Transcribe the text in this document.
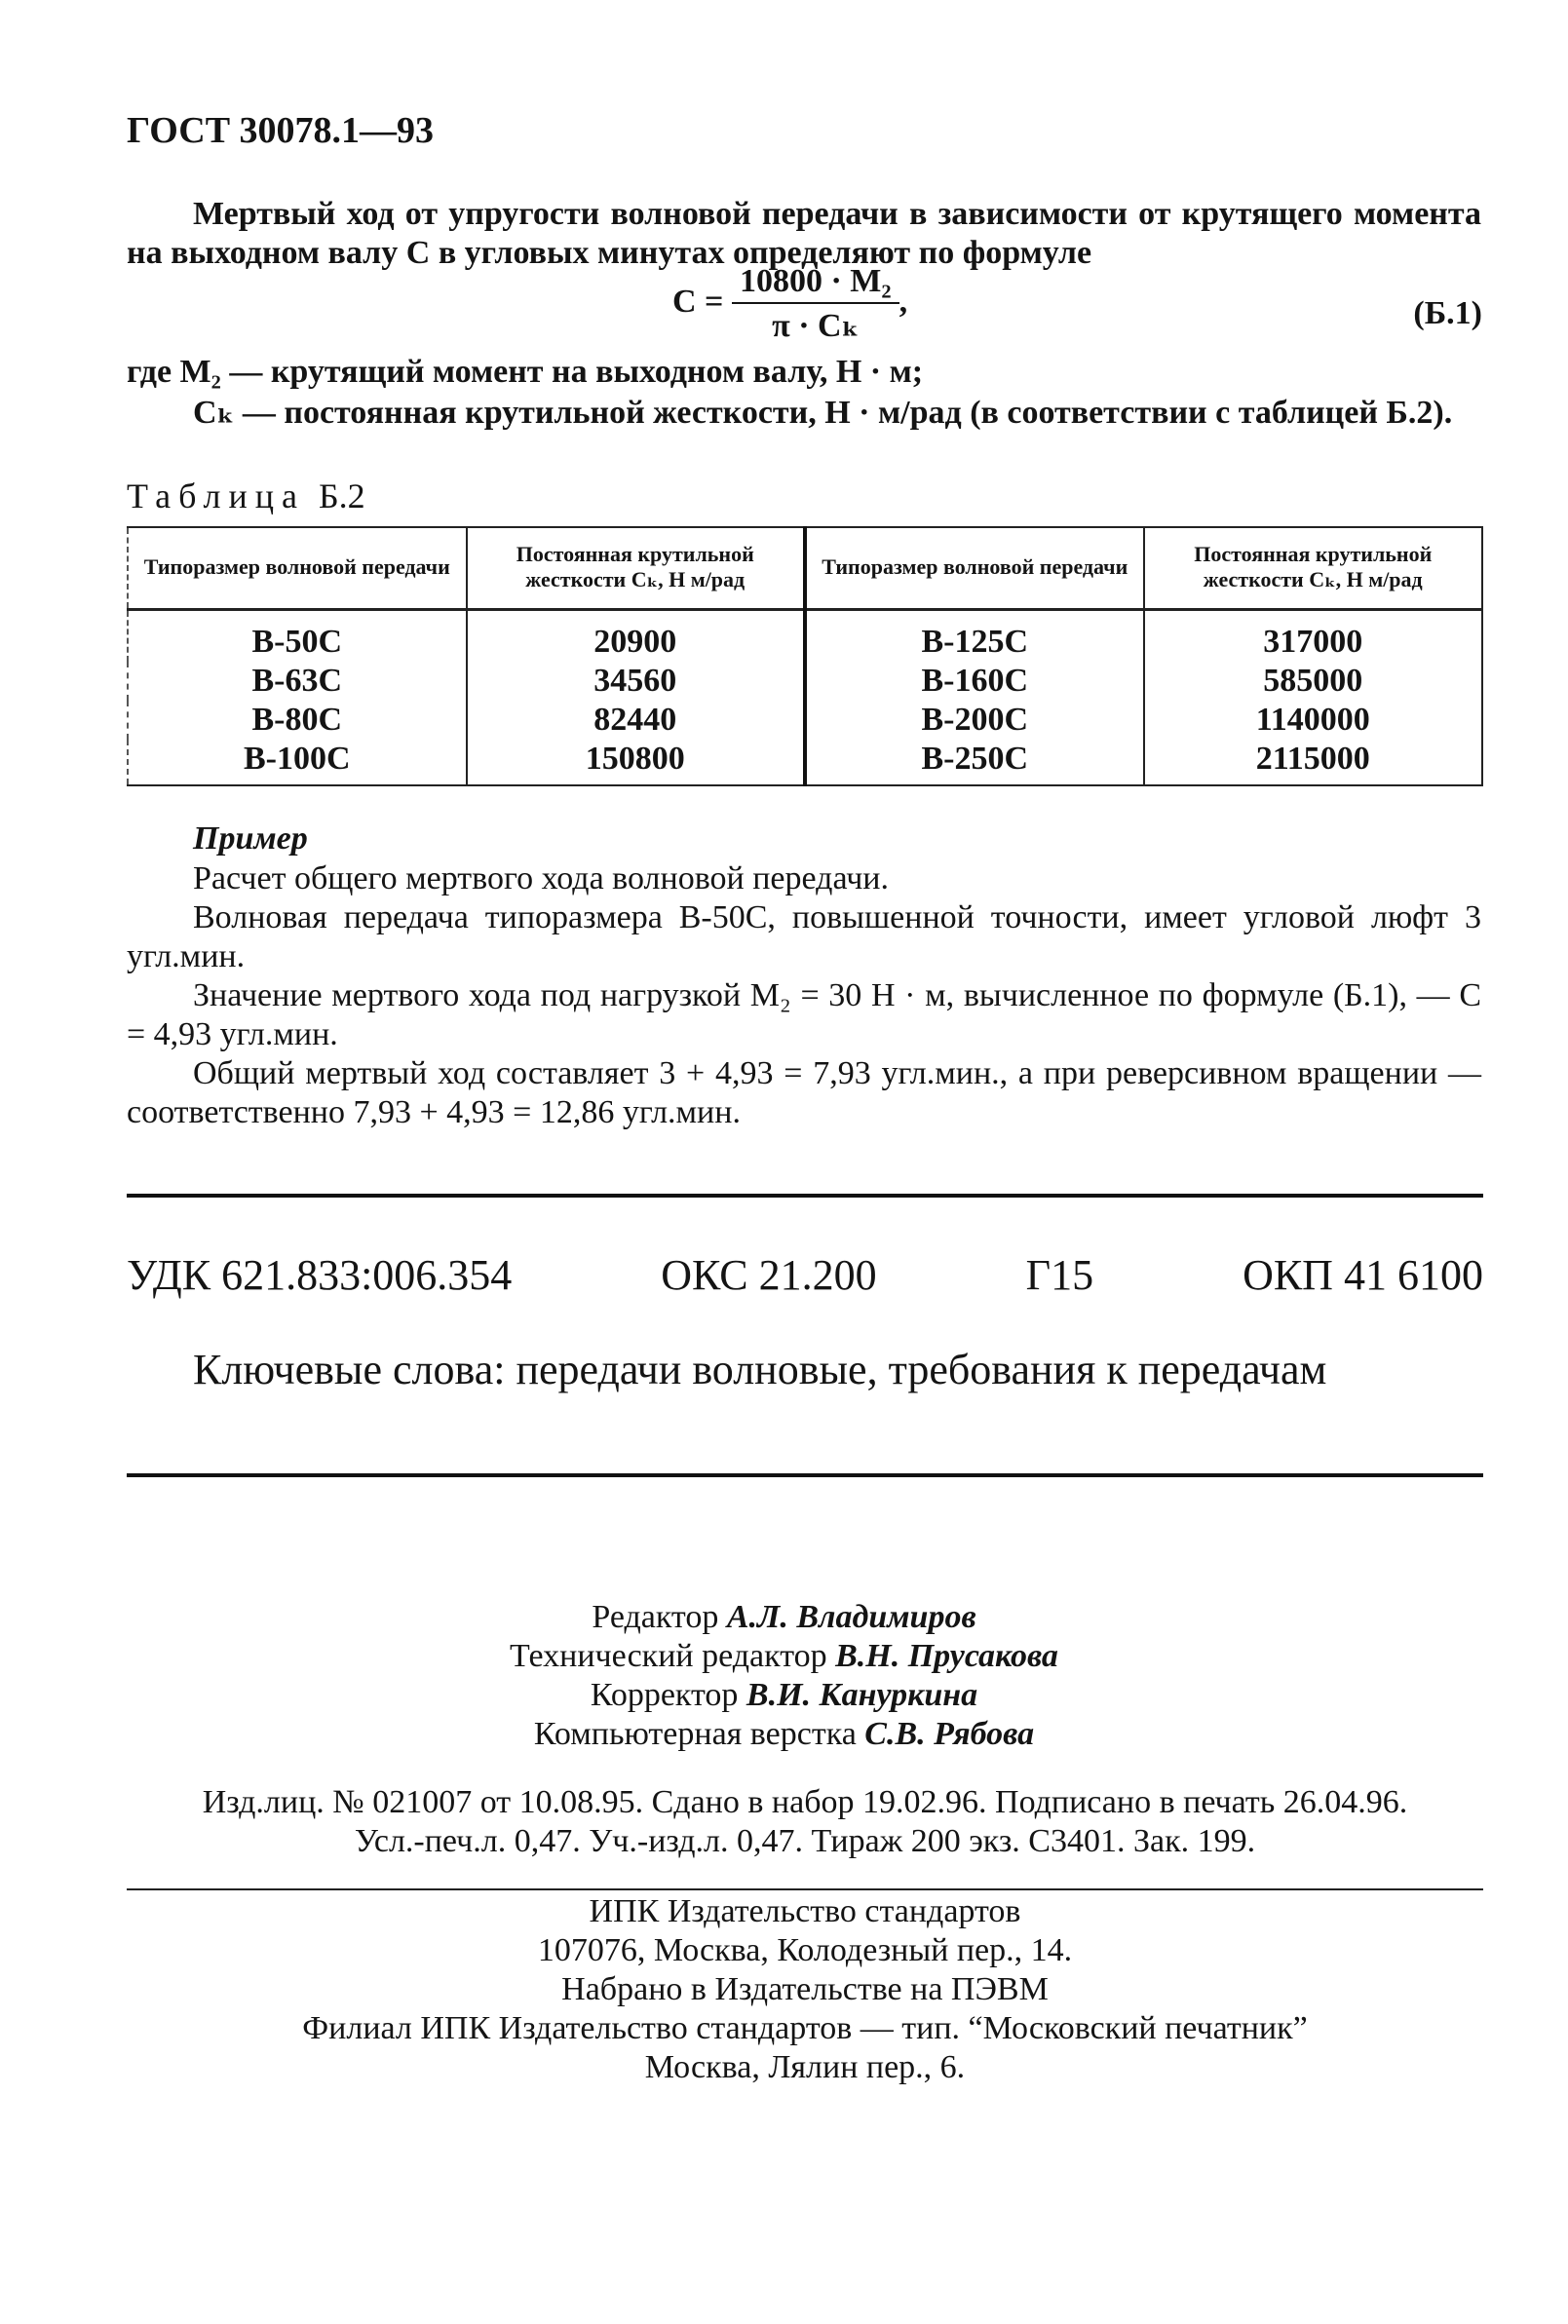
ГОСТ 30078.1—93
Мертвый ход от упругости волновой передачи в зависимости от крутящего момента на выходном валу C в угловых минутах определяют по формуле
$C = \frac{\text{10800 · M₂}}{\text{π · Cₖ}}$ ,	(Б.1)
где M₂ — крутящий момент на выходном валу, Н · м;
Cₖ — постоянная крутильной жесткости, Н · м/рад (в соответствии с таблицей Б.2).
Таблица Б.2
Типоразмер волновой передачи	Постоянная крутильной жесткости Cₖ, Н м/рад	Типоразмер волновой передачи	Постоянная крутильной жесткости Cₖ, Н м/рад
В-50С	20900	В-125С	317000
В-63С	34560	В-160С	585000
В-80С	82440	В-200С	1140000
В-100С	150800	В-250С	2115000
Пример
Расчет общего мертвого хода волновой передачи.
Волновая передача типоразмера В-50С, повышенной точности, имеет угловой люфт 3 угл.мин.
Значение мертвого хода под нагрузкой M₂ = 30 Н · м, вычисленное по формуле (Б.1), — С = 4,93 угл.мин.
Общий мертвый ход составляет 3 + 4,93 = 7,93 угл.мин., а при реверсивном вращении — соответственно 7,93 + 4,93 = 12,86 угл.мин.
УДК 621.833:006.354	ОКС 21.200	Г15	ОКП 41 6100
Ключевые слова: передачи волновые, требования к передачам
Редактор А.Л. Владимиров
Технический редактор В.Н. Прусакова
Корректор В.И. Кануркина
Компьютерная верстка С.В. Рябова
Изд.лиц. № 021007 от 10.08.95. Сдано в набор 19.02.96. Подписано в печать 26.04.96.
Усл.-печ.л. 0,47. Уч.-изд.л. 0,47. Тираж 200 экз. С3401. Зак. 199.
ИПК Издательство стандартов
107076, Москва, Колодезный пер., 14.
Набрано в Издательстве на ПЭВМ
Филиал ИПК Издательство стандартов — тип. “Московский печатник”
Москва, Лялин пер., 6.
